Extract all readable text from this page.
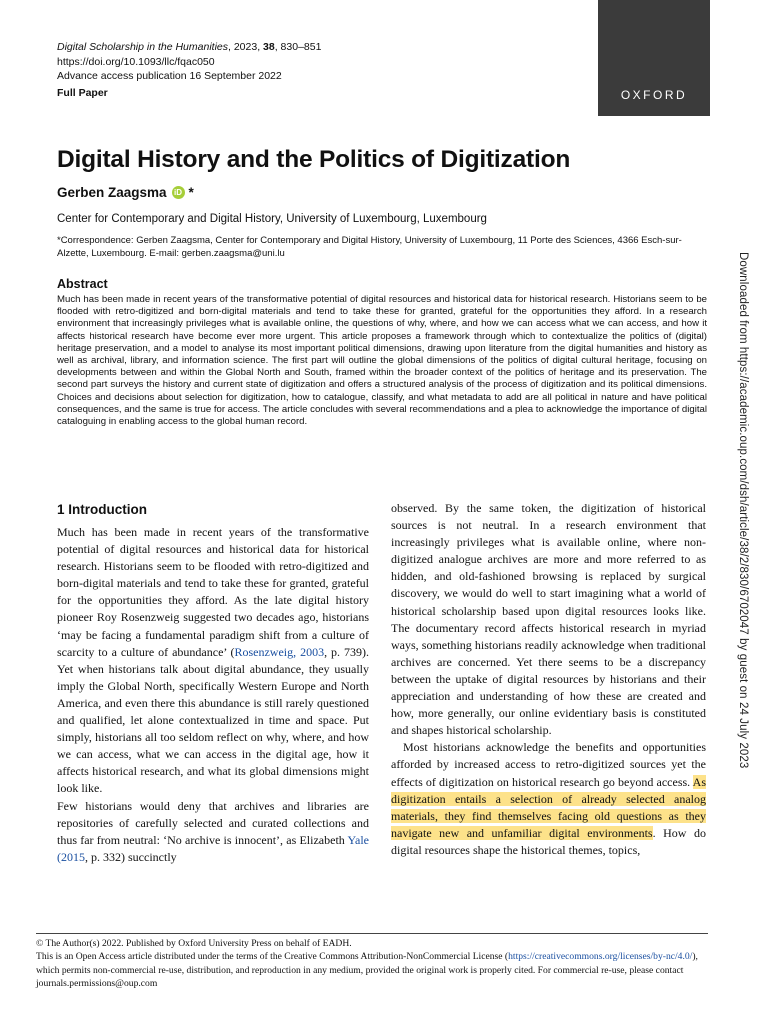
Digital Scholarship in the Humanities, 2023, 38, 830–851
https://doi.org/10.1093/llc/fqac050
Advance access publication 16 September 2022
Full Paper	OXFORD
Digital History and the Politics of Digitization
Gerben Zaagsma iD *
Center for Contemporary and Digital History, University of Luxembourg, Luxembourg
*Correspondence: Gerben Zaagsma, Center for Contemporary and Digital History, University of Luxembourg, 11 Porte des Sciences, 4366 Esch-sur-Alzette, Luxembourg. E-mail: gerben.zaagsma@uni.lu
Abstract

Much has been made in recent years of the transformative potential of digital resources and historical data for historical research. Historians seem to be flooded with retro-digitized and born-digital materials and tend to take these for granted, grateful for the opportunities they afford. In a research environment that increasingly privileges what is available online, the questions of why, where, and how we can access what we can access, and how it affects historical research have become ever more urgent. This article proposes a framework through which to contextualize the politics of (digital) heritage preservation, and a model to analyse its most important political dimensions, drawing upon literature from the digital humanities and history as well as archival, library, and information science. The first part will outline the global dimensions of the politics of digital cultural heritage, focusing on developments between and within the Global North and South, framed within the broader context of the politics of heritage and its preservation. The second part surveys the history and current state of digitization and offers a structured analysis of the process of digitization and its political dimensions. Choices and decisions about selection for digitization, how to catalogue, classify, and what metadata to add are all political in nature and have political consequences, and the same is true for access. The article concludes with several recommendations and a plea to acknowledge the importance of digital cataloguing in enabling access to the global human record.

1 Introduction

Much has been made in recent years of the transformative potential of digital resources and historical data for historical research. Historians seem to be flooded with retro-digitized and born-digital materials and tend to take these for granted, grateful for the opportunities they afford. As the late digital history pioneer Roy Rosenzweig suggested two decades ago, historians ‘may be facing a fundamental paradigm shift from a culture of scarcity to a culture of abundance’ (Rosenzweig, 2003, p. 739). Yet when historians talk about digital abundance, they usually imply the Global North, specifically Western Europe and North America, and even there this abundance is still rarely questioned and qualified, let alone contextualized in time and space. Put simply, historians all too seldom reflect on why, where, and how we can access, what we can access in the digital age, how it affects historical research, and what its global dimensions might look like.

Few historians would deny that archives and libraries are repositories of carefully selected and curated collections and thus far from neutral: ‘No archive is innocent’, as Elizabeth Yale (2015, p. 332) succinctly

observed. By the same token, the digitization of historical sources is not neutral. In a research environment that increasingly privileges what is available online, where non-digitized analogue archives are more and more referred to as hidden, and old-fashioned browsing is replaced by surgical discovery, we would do well to start imagining what a world of historical scholarship based upon digital resources looks like. The documentary record affects historical research in myriad ways, something historians readily acknowledge when traditional archives are concerned. Yet there seems to be a discrepancy between the uptake of digital resources by historians and their appreciation and understanding of how these are created and how, more generally, our online evidentiary basis is constituted and shapes historical scholarship.

Most historians acknowledge the benefits and opportunities afforded by increased access to retro-digitized sources yet the effects of digitization on historical research go beyond access. As digitization entails a selection of already selected analog materials, they find themselves facing old questions as they navigate new and unfamiliar digital environments. How do digital resources shape the historical themes, topics,

Downloaded from https://academic.oup.com/dsh/article/38/2/830/6702047 by guest on 24 July 2023
© The Author(s) 2022. Published by Oxford University Press on behalf of EADH.
This is an Open Access article distributed under the terms of the Creative Commons Attribution-NonCommercial License (https://creativecommons.org/licenses/by-nc/4.0/), which permits non-commercial re-use, distribution, and reproduction in any medium, provided the original work is properly cited. For commercial re-use, please contact journals.permissions@oup.com
